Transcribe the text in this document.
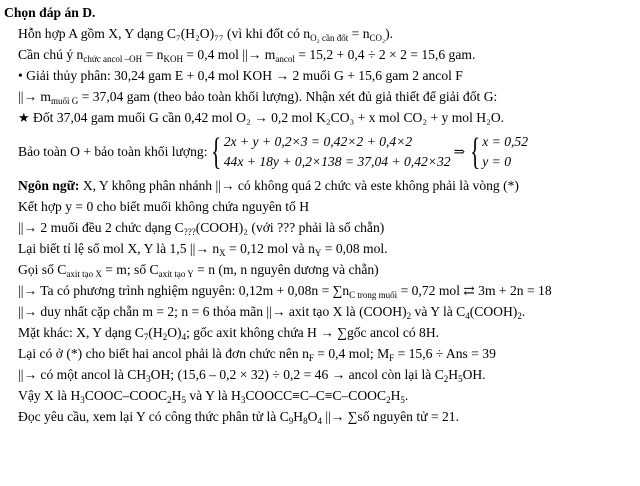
Chọn đáp án D.
Hỗn hợp A gồm X, Y dạng C₇(H₂O)₇₇ (vì khi đốt có $n_{O_2 cần đốt} = n_{CO_2}$).
Cần chú ý $n_{chức ancol -OH} = n_{KOH} = 0,4$ mol ||→ $m_{ancol} = 15,2 + 0,4 \div 2 \times 2 = 15,6$ gam.
• Giải thủy phân: 30,24 gam E + 0,4 mol KOH → 2 muối G + 15,6 gam 2 ancol F
||→ $m_{muối G} = 37,04$ gam (theo bảo toàn khối lượng). Nhận xét đủ giả thiết để giải đốt G:
★ Đốt 37,04 gam muối G cần 0,42 mol O₂ → 0,2 mol K₂CO₃ + x mol CO₂ + y mol H₂O.
Bảo toàn O + bảo toàn khối lượng: { 2x + y + 0,2×3 = 0,42×2 + 0,4×2
44x + 18y + 0,2×138 = 37,04 + 0,42×32
⇒ { x = 0,52
y = 0
Ngôn ngữ: X, Y không phân nhánh ||→ có không quá 2 chức và este không phải là vòng (*)
Kết hợp y = 0 cho biết muối không chứa nguyên tố H
||→ 2 muối đều 2 chức dạng $C_{???}(COOH)_2$ (với ??? phải là số chẵn)
Lại biết tỉ lệ số mol X, Y là 1,5 ||→ $n_X = 0,12$ mol và $n_Y = 0,08$ mol.
Gọi số $C_{axit tạo X} = m$; số $C_{axit tạo Y} = n$ (m, n nguyên dương và chẵn)
||→ Ta có phương trình nghiệm nguyên: $0,12m + 0,08n = \sum n_{C trong muối} = 0,72$ mol ⇄ 3m + 2n = 18
||→ duy nhất cặp chẵn m = 2; n = 6 thỏa mãn ||→ axit tạo X là $(COOH)_2$ và Y là $C_4(COOH)_2$.
Mặt khác: X, Y dạng $C_7(H_2O)_4$; gốc axit không chứa H → ∑gốc ancol có 8H.
Lại có ở (*) cho biết hai ancol phải là đơn chức nên $n_F = 0,4$ mol; $M_F = 15,6$ ÷ Ans = 39
||→ có một ancol là $CH_3OH$; (15,6 – 0,2 × 32) ÷ 0,2 = 46 → ancol còn lại là $C_2H_5OH$.
Vậy X là $H_3COOC-COOC_2H_5$ và Y là $H_3COOCC\equiv C-C\equiv C-COOC_2H_5$.
Đọc yêu cầu, xem lại Y có công thức phân tử là $C_9H_8O_4$ ||→ ∑số nguyên tử = 21.
